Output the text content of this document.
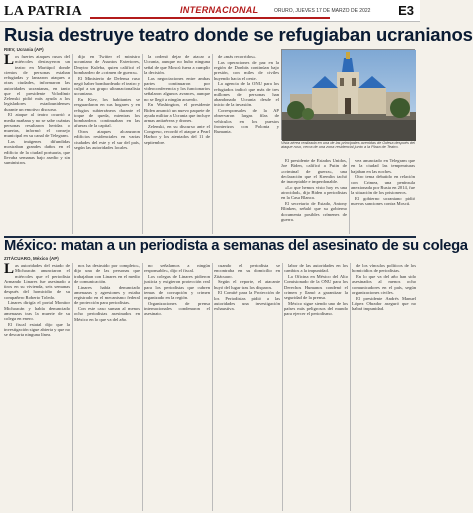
LA PATRIA	INTERNACIONAL	ORURO, JUEVES 17 DE MARZO DE 2022 E3
Rusia destruye teatro donde se refugiaban ucranianos
RIEV, Ucrania (AP)

Los fuertes ataques rusos del miércoles destruyeron un teatro en Mariúpol donde cientos de personas estaban refugiadas y lanzaron ataques a otras ciudades, informaron las autoridades ucranianas, en tanto que el presidente Volodímir Zelenski pidió más ayuda a los legisladores estadounidenses durante un emotivo discurso.

El ataque al teatro ocurrió a media mañana y no se sabe cuántas personas resultaron heridas o muertas, informó el consejo municipal en su canal de Telegram.

Las imágenes difundidas mostraban grandes daños en el edificio de la ciudad portuaria, que llevaba semanas bajo asedio y sin suministros.

dijo en Twitter el ministro ucraniano de Asuntos Exteriores, Dmytro Kuleba, quien calificó el bombardeo de «crimen de guerra».

El Ministerio de Defensa ruso negó haber bombardeado el teatro y culpó a un grupo ultranacionalista ucraniano.

En Kiev, los habitantes se resguardaron en sus hogares y en refugios subterráneos durante el toque de queda, mientras los bombardeos continuaban en las afueras de la capital.

Otros ataques alcanzaron edificios residenciales en varias ciudades del este y el sur del país, según las autoridades locales.

la ordenó dejar de atacar a Ucrania, aunque no hubo ninguna señal de que Moscú fuera a cumplir la decisión.

Las negociaciones entre ambas partes continuaron por videoconferencia y los funcionarios señalaron algunos avances, aunque no se llegó a ningún acuerdo.

En Washington, el presidente Biden anunció un nuevo paquete de ayuda militar a Ucrania que incluye armas antiaéreas y drones.

Zelenski, en su discurso ante el Congreso, recordó el ataque a Pearl Harbor y los atentados del 11 de septiembre.

de «más recorridos».

Las operaciones de paz en la región de Donbás continúan bajo presión, con miles de civiles huyendo hacia el oeste.

La agencia de la ONU para los refugiados indicó que más de tres millones de personas han abandonado Ucrania desde el inicio de la invasión.

Corresponsales de la AP observaron largas filas de vehículos en los puestos fronterizos con Polonia y Rumania.

Vista aérea realizada en una de las principales avenidas de Odesa después del ataque ruso, cerca de una zona residencial junto a la Plaza de Teatro.

El presidente de Estados Unidos, Joe Biden, calificó a Putin de «criminal de guerra», una declaración que el Kremlin tachó de inaceptable e imperdonable.

«Lo que hemos visto hoy es una atrocidad», dijo Biden a periodistas en la Casa Blanca.

El secretario de Estado, Antony Blinken, señaló que su gobierno documenta posibles crímenes de guerra.

vez anunciado en Telegram que en la ciudad las temperaturas bajaban en las noches.

Otro tema debatido en relación con Crimea, una península anexionada por Rusia en 2014, fue la situación de los prisioneros.

El gobierno ucraniano pidió nuevas sanciones contra Moscú.

México: matan a un periodista a semanas del asesinato de su colega
ZITÁCUARO, México (AP)

Las autoridades del estado de Michoacán anunciaron el miércoles que el periodista Armando Linares fue asesinado a tiros en su vivienda, seis semanas después del homicidio de su compañero Roberto Toledo.

Linares dirigía el portal Monitor Michoacán y había denunciado amenazas tras la muerte de su colega en enero.

El fiscal estatal dijo que la investigación sigue abierta y que no se descarta ninguna línea.

nos ha destruido por completo», dijo una de las personas que trabajaban con Linares en el medio de comunicación.

Linares había denunciado amenazas y agresiones y estaba registrado en el mecanismo federal de protección para periodistas.

Con este caso suman al menos ocho periodistas asesinados en México en lo que va del año.

no señalamos a ningún responsable», dijo el fiscal.

Los colegas de Linares pidieron justicia y exigieron protección real para los periodistas que cubren temas de corrupción y crimen organizado en la región.

Organizaciones de prensa internacionales condenaron el asesinato.

cuando el periodista se encontraba en su domicilio en Zitácuaro.

Según el reporte, el atacante huyó del lugar tras los disparos.

El Comité para la Protección de los Periodistas pidió a las autoridades una investigación exhaustiva.

labor de las autoridades en los cambios a la impunidad.

La Oficina en México del Alto Comisionado de la ONU para los Derechos Humanos condenó el crimen y llamó a garantizar la seguridad de la prensa.

México sigue siendo uno de los países más peligrosos del mundo para ejercer el periodismo.

de los vínculos políticos de los homicidios de periodistas.

En lo que va del año han sido asesinados al menos ocho comunicadores en el país, según organizaciones civiles.

El presidente Andrés Manuel López Obrador aseguró que no habrá impunidad.
